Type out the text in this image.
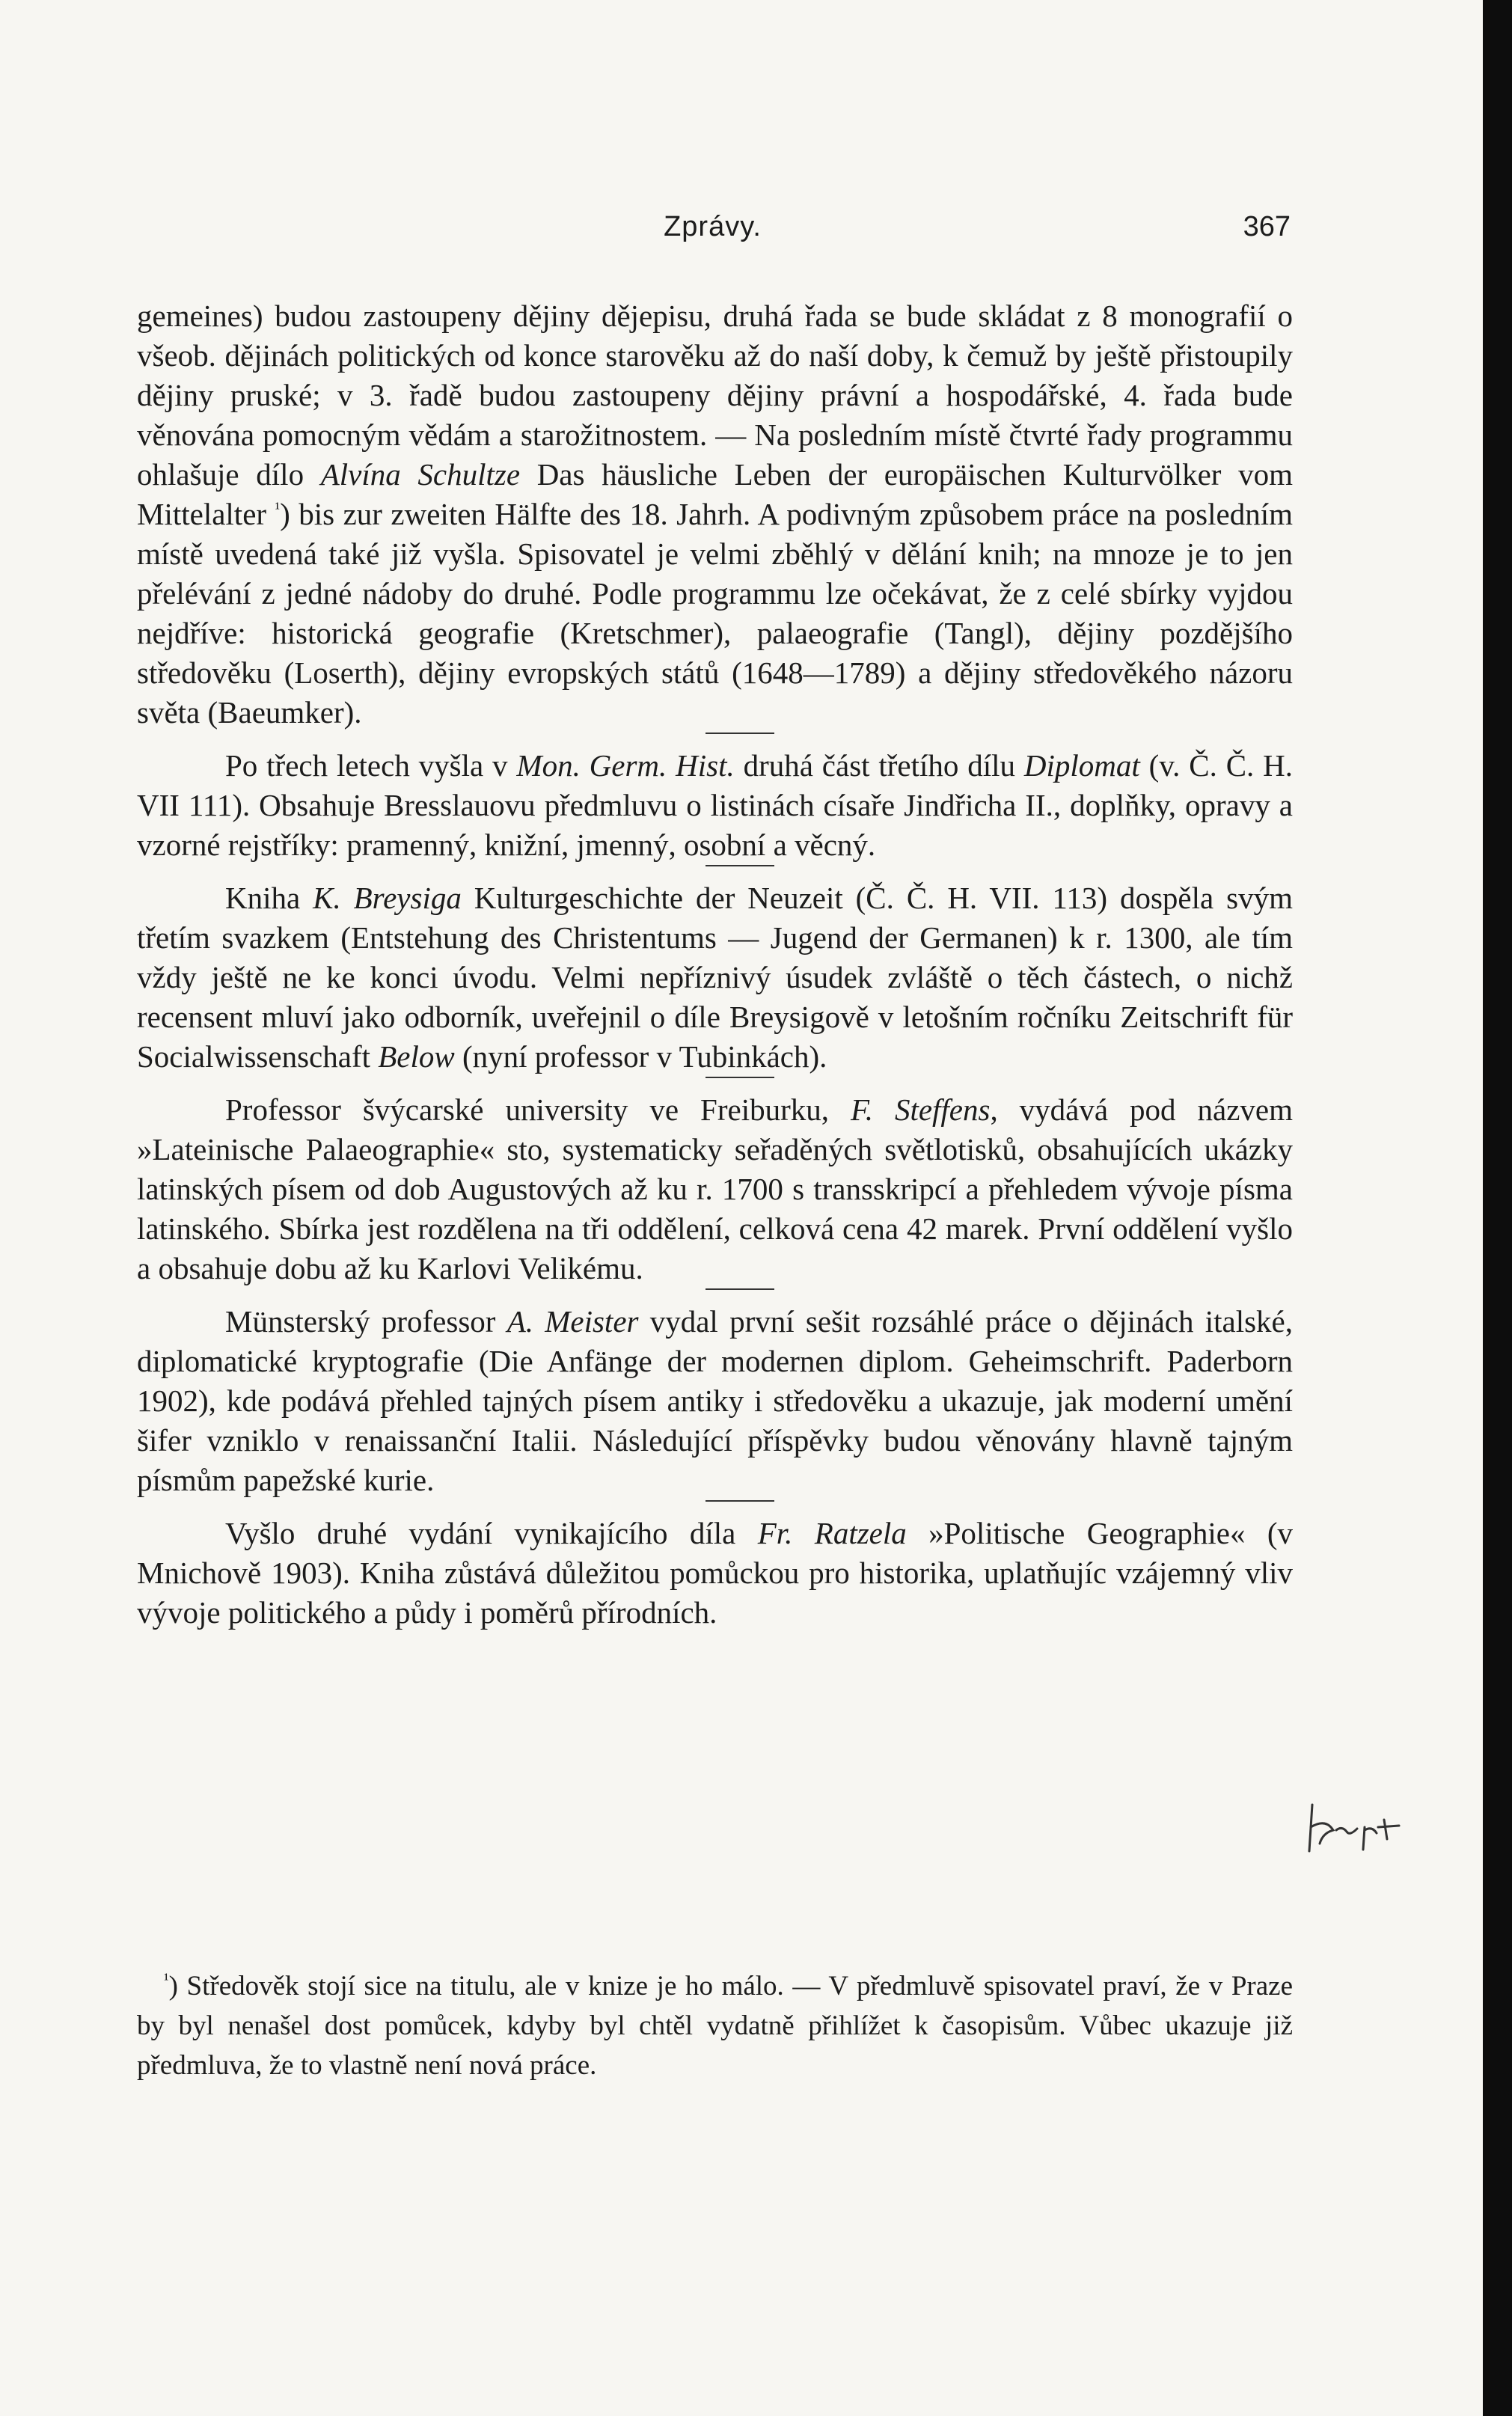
Zprávy.	367

gemeines) budou zastoupeny dějiny dějepisu, druhá řada se bude skládat z 8 monografií o všeob. dějinách politických od konce starověku až do naší doby, k čemuž by ještě přistoupily dějiny pruské; v 3. řadě budou zastoupeny dějiny právní a hospodářské, 4. řada bude věnována pomocným vědám a starožitnostem. — Na posledním místě čtvrté řady programmu ohlašuje dílo Alvína Schultze Das häusliche Leben der europäischen Kulturvölker vom Mittelalter $^{^1}$) bis zur zweiten Hälfte des 18. Jahrh. A podivným způsobem práce na posledním místě uvedená také již vyšla. Spisovatel je velmi zběhlý v dělání knih; na mnoze je to jen přelévání z jedné nádoby do druhé. Podle programmu lze očekávat, že z celé sbírky vyjdou nejdříve: historická geografie (Kretschmer), palaeografie (Tangl), dějiny pozdějšího středověku (Loserth), dějiny evropských států (1648—1789) a dějiny středověkého názoru světa (Baeumker).

Po třech letech vyšla v Mon. Germ. Hist. druhá část třetího dílu Diplomat (v. Č. Č. H. VII 111). Obsahuje Bresslauovu předmluvu o listinách císaře Jindřicha II., doplňky, opravy a vzorné rejstříky: pramenný, knižní, jmenný, osobní a věcný.

Kniha K. Breysiga Kulturgeschichte der Neuzeit (Č. Č. H. VII. 113) dospěla svým třetím svazkem (Entstehung des Christentums — Jugend der Germanen) k r. 1300, ale tím vždy ještě ne ke konci úvodu. Velmi nepříznivý úsudek zvláště o těch částech, o nichž recensent mluví jako odborník, uveřejnil o díle Breysigově v letošním ročníku Zeitschrift für Socialwissenschaft Below (nyní professor v Tubinkách).

Professor švýcarské university ve Freiburku, F. Steffens, vydává pod názvem »Lateinische Palaeographie« sto, systematicky seřaděných světlotisků, obsahujících ukázky latinských písem od dob Augustových až ku r. 1700 s transskripcí a přehledem vývoje písma latinského. Sbírka jest rozdělena na tři oddělení, celková cena 42 marek. První oddělení vyšlo a obsahuje dobu až ku Karlovi Velikému.

Münsterský professor A. Meister vydal první sešit rozsáhlé práce o dějinách italské, diplomatické kryptografie (Die Anfänge der modernen diplom. Geheimschrift. Paderborn 1902), kde podává přehled tajných písem antiky i středověku a ukazuje, jak moderní umění šifer vzniklo v renaissanční Italii. Následující příspěvky budou věnovány hlavně tajným písmům papežské kurie.

Vyšlo druhé vydání vynikajícího díla Fr. Ratzela »Politische Geographie« (v Mnichově 1903). Kniha zůstává důležitou pomůckou pro historika, uplatňujíc vzájemný vliv vývoje politického a půdy i poměrů přírodních.

$^{^1}$) Středověk stojí sice na titulu, ale v knize je ho málo. — V předmluvě spisovatel praví, že v Praze by byl nenašel dost pomůcek, kdyby byl chtěl vydatně přihlížet k časopisům. Vůbec ukazuje již předmluva, že to vlastně není nová práce.
